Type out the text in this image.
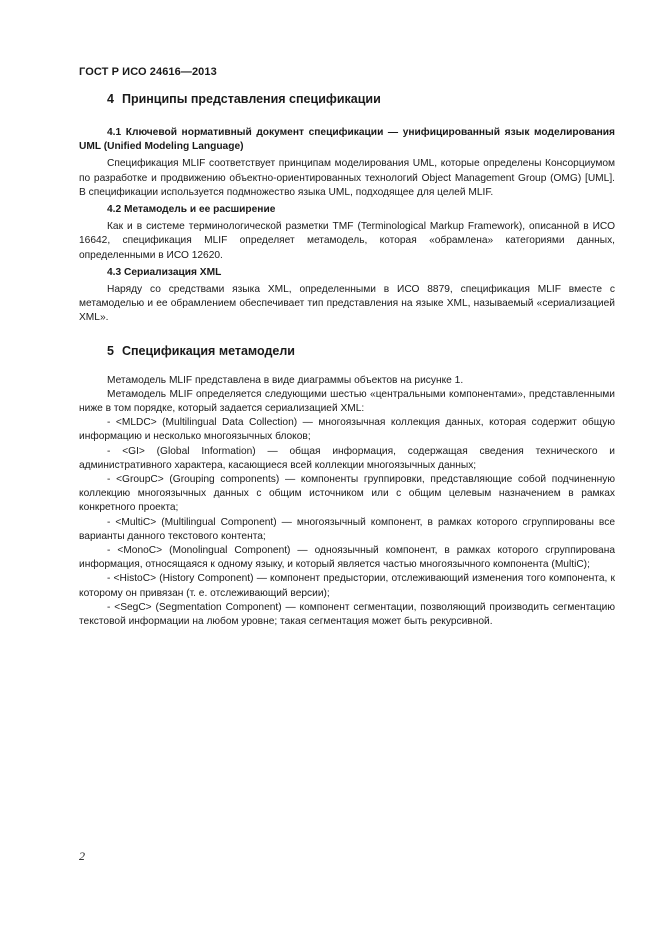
ГОСТ Р ИСО 24616—2013
4 Принципы представления спецификации
4.1 Ключевой нормативный документ спецификации — унифицированный язык моделирования UML (Unified Modeling Language)

Спецификация MLIF соответствует принципам моделирования UML, которые определены Консорциумом по разработке и продвижению объектно-ориентированных технологий Object Management Group (OMG) [UML]. В спецификации используется подмножество языка UML, подходящее для целей MLIF.

4.2 Метамодель и ее расширение

Как и в системе терминологической разметки TMF (Terminological Markup Framework), описанной в ИСО 16642, спецификация MLIF определяет метамодель, которая «обрамлена» категориями данных, определенными в ИСО 12620.

4.3 Сериализация XML

Наряду со средствами языка XML, определенными в ИСО 8879, спецификация MLIF вместе с метамоделью и ее обрамлением обеспечивает тип представления на языке XML, называемый «сериализацией XML».

5 Спецификация метамодели

Метамодель MLIF представлена в виде диаграммы объектов на рисунке 1.

Метамодель MLIF определяется следующими шестью «центральными компонентами», представленными ниже в том порядке, который задается сериализацией XML:

- <MLDC> (Multilingual Data Collection) — многоязычная коллекция данных, которая содержит общую информацию и несколько многоязычных блоков;

- <GI> (Global Information) — общая информация, содержащая сведения технического и административного характера, касающиеся всей коллекции многоязычных данных;

- <GroupC> (Grouping components) — компоненты группировки, представляющие собой подчиненную коллекцию многоязычных данных с общим источником или с общим целевым назначением в рамках конкретного проекта;

- <MultiC> (Multilingual Component) — многоязычный компонент, в рамках которого сгруппированы все варианты данного текстового контента;

- <MonoC> (Monolingual Component) — одноязычный компонент, в рамках которого сгруппирована информация, относящаяся к одному языку, и который является частью многоязычного компонента (MultiC);

- <HistoC> (History Component) — компонент предыстории, отслеживающий изменения того компонента, к которому он привязан (т. е. отслеживающий версии);

- <SegC> (Segmentation Component) — компонент сегментации, позволяющий производить сегментацию текстовой информации на любом уровне; такая сегментация может быть рекурсивной.

2
